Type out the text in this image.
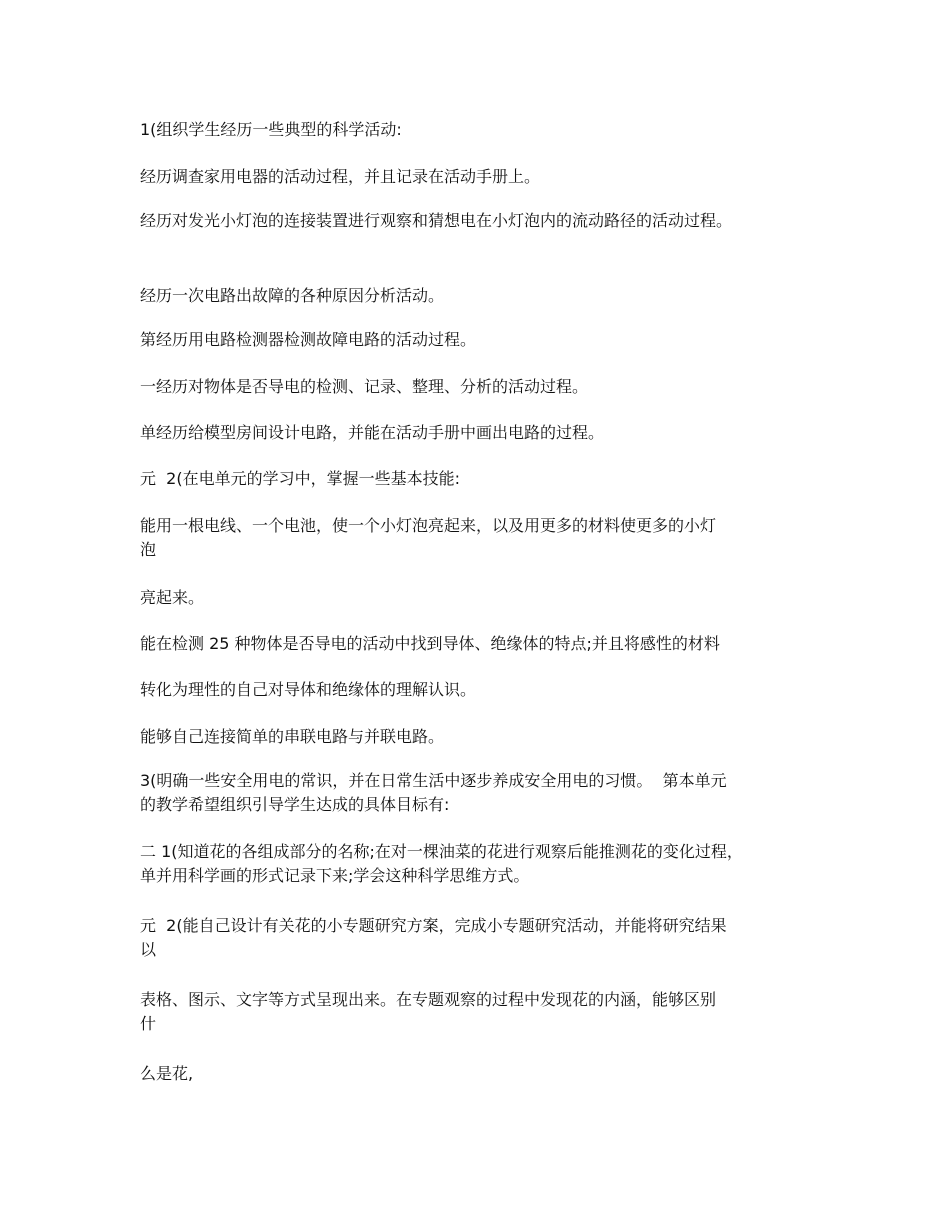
1(组织学生经历一些典型的科学活动:
经历调查家用电器的活动过程，并且记录在活动手册上。
经历对发光小灯泡的连接装置进行观察和猜想电在小灯泡内的流动路径的活动过程。
经历一次电路出故障的各种原因分析活动。
第经历用电路检测器检测故障电路的活动过程。
一经历对物体是否导电的检测、记录、整理、分析的活动过程。
单经历给模型房间设计电路，并能在活动手册中画出电路的过程。
元  2(在电单元的学习中，掌握一些基本技能:
能用一根电线、一个电池，使一个小灯泡亮起来，以及用更多的材料使更多的小灯
泡
亮起来。
能在检测 25 种物体是否导电的活动中找到导体、绝缘体的特点;并且将感性的材料
转化为理性的自己对导体和绝缘体的理解认识。
能够自己连接简单的串联电路与并联电路。
3(明确一些安全用电的常识，并在日常生活中逐步养成安全用电的习惯。  第本单元
的教学希望组织引导学生达成的具体目标有:
二 1(知道花的各组成部分的名称;在对一棵油菜的花进行观察后能推测花的变化过程，
单并用科学画的形式记录下来;学会这种科学思维方式。
元  2(能自己设计有关花的小专题研究方案，完成小专题研究活动，并能将研究结果
以
表格、图示、文字等方式呈现出来。在专题观察的过程中发现花的内涵，能够区别
什
么是花,
